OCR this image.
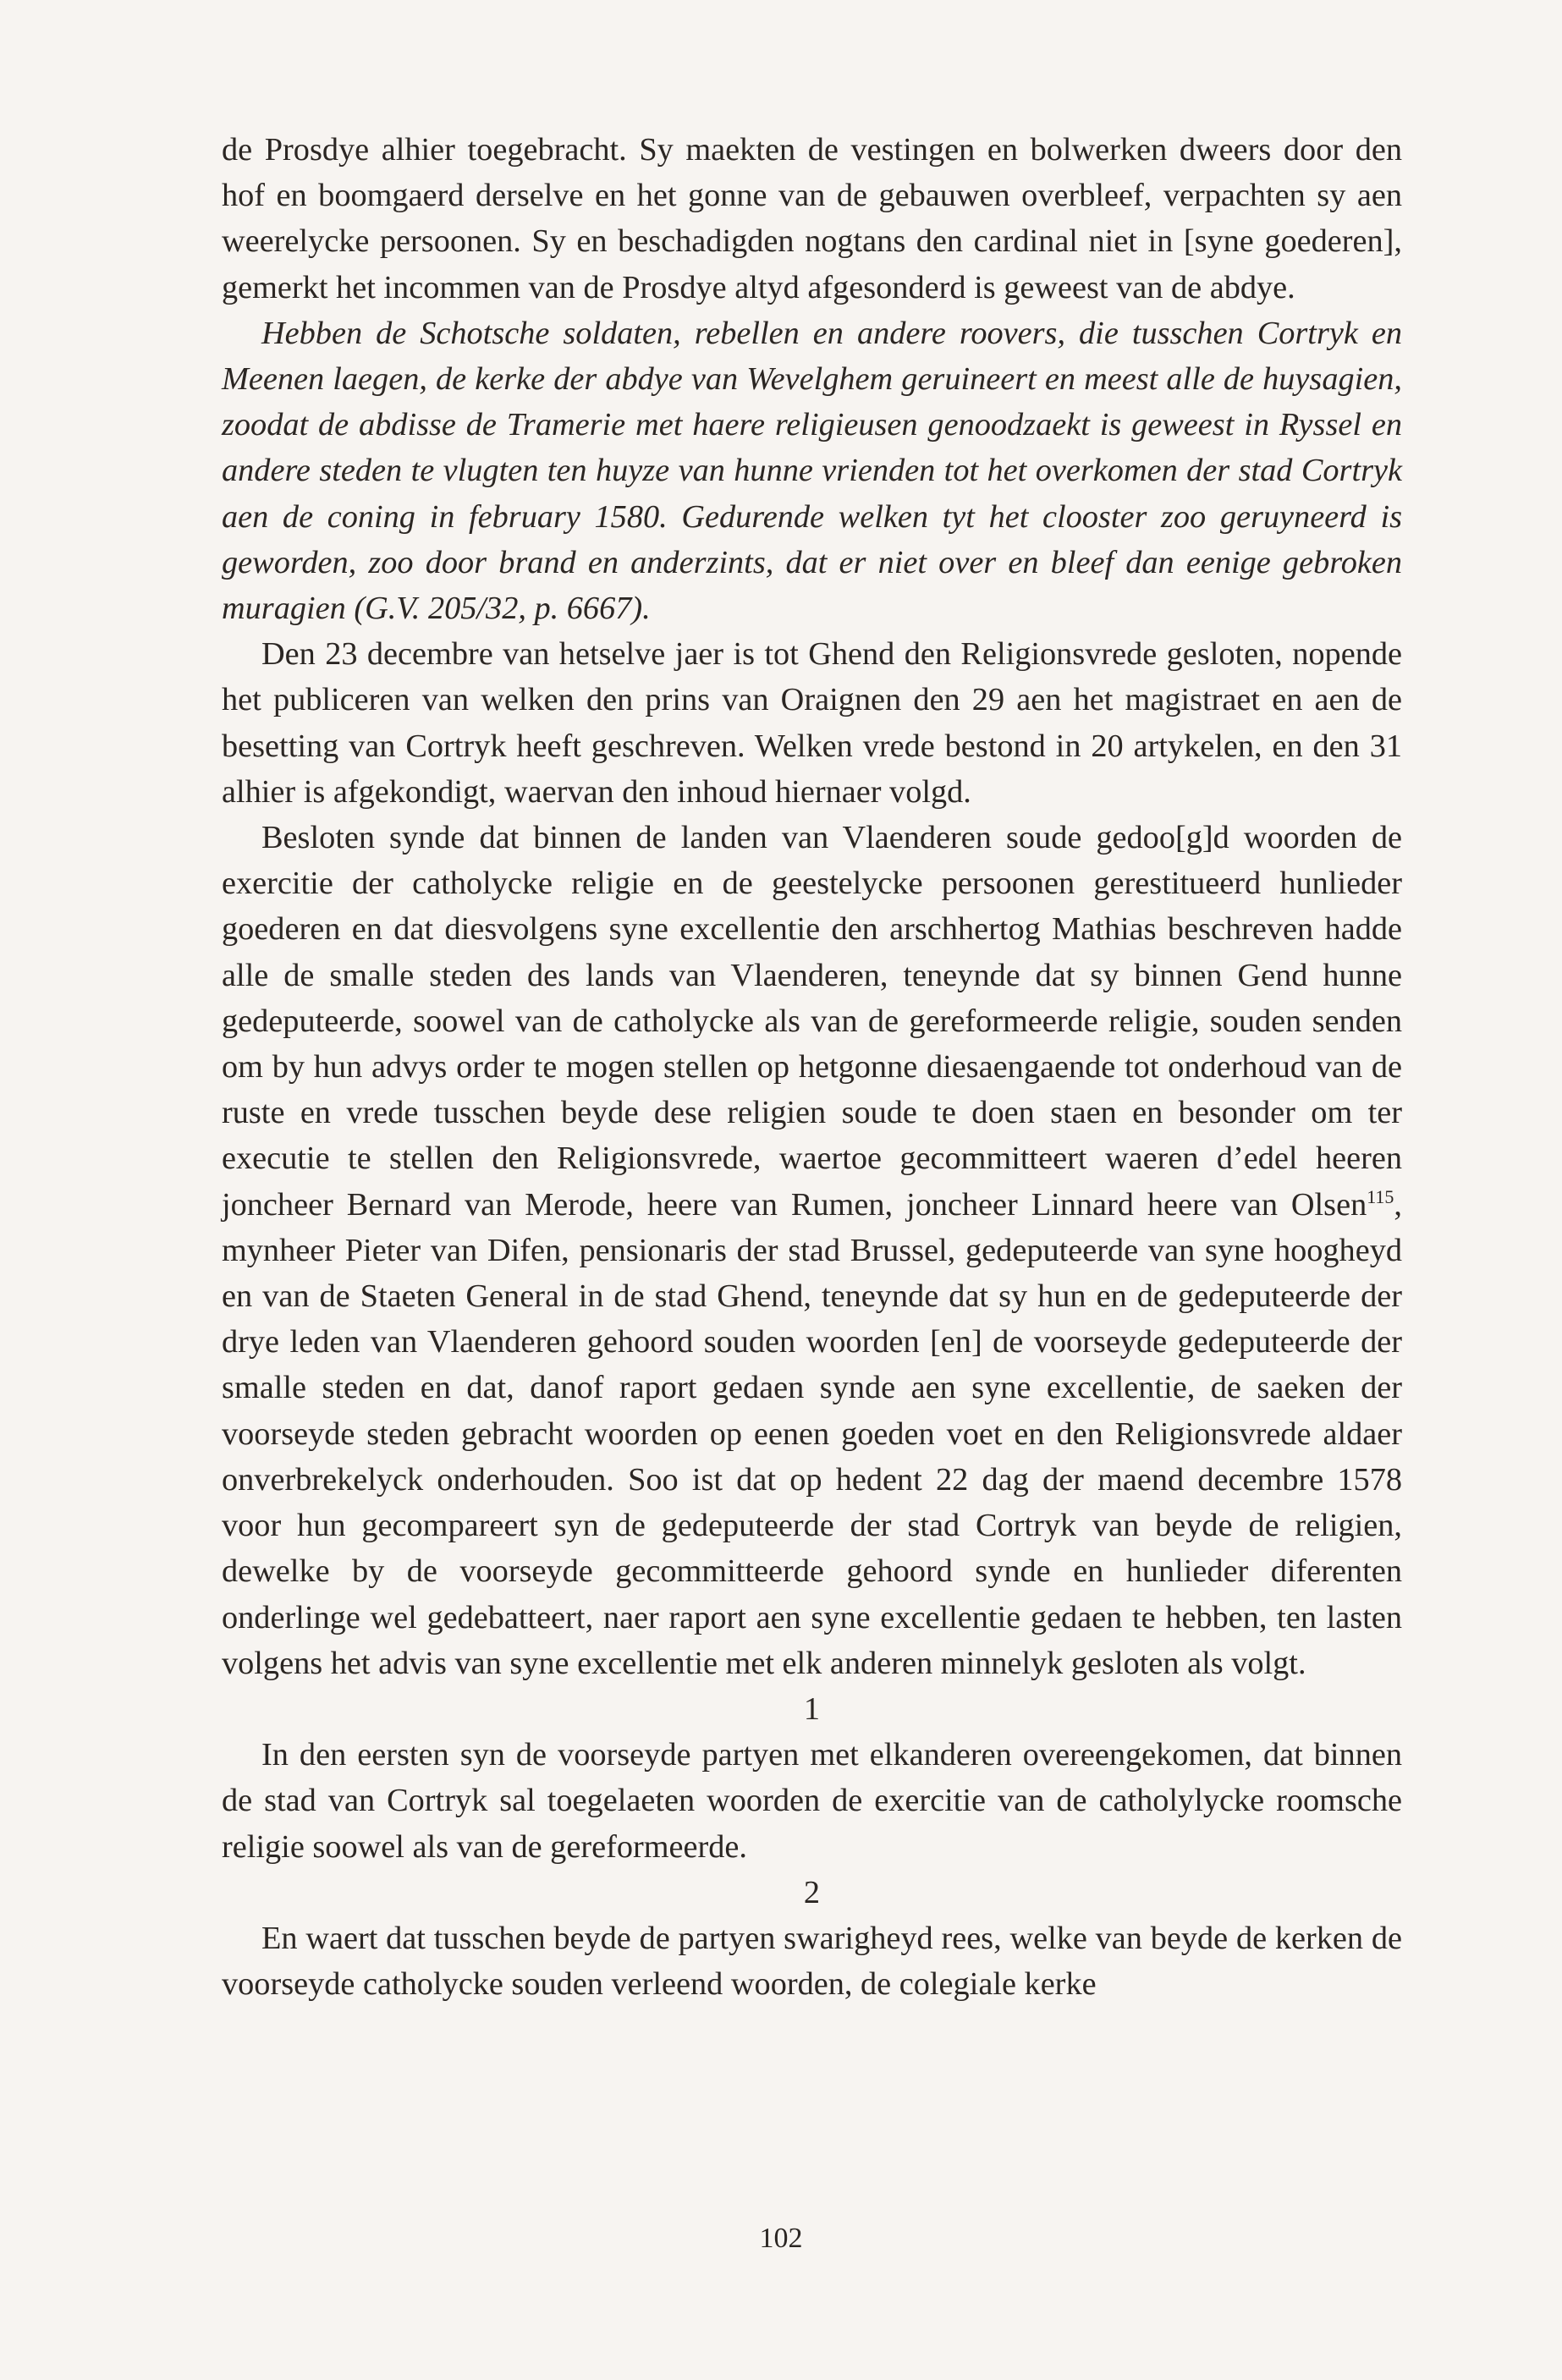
de Prosdye alhier toegebracht. Sy maekten de vestingen en bolwerken dweers door den hof en boomgaerd derselve en het gonne van de gebauwen overbleef, verpachten sy aen weerelycke persoonen. Sy en beschadigden nogtans den cardinal niet in [syne goederen], gemerkt het incommen van de Prosdye altyd afgesonderd is geweest van de abdye.

Hebben de Schotsche soldaten, rebellen en andere roovers, die tusschen Cortryk en Meenen laegen, de kerke der abdye van Wevelghem geruineert en meest alle de huysagien, zoodat de abdisse de Tramerie met haere religieusen genoodzaekt is geweest in Ryssel en andere steden te vlugten ten huyze van hunne vrienden tot het overkomen der stad Cortryk aen de coning in february 1580. Gedurende welken tyt het clooster zoo geruyneerd is geworden, zoo door brand en anderzints, dat er niet over en bleef dan eenige gebroken muragien (G.V. 205/32, p. 6667).

Den 23 decembre van hetselve jaer is tot Ghend den Religionsvrede gesloten, nopende het publiceren van welken den prins van Oraignen den 29 aen het magistraet en aen de besetting van Cortryk heeft geschreven. Welken vrede bestond in 20 artykelen, en den 31 alhier is afgekondigt, waervan den inhoud hiernaer volgd.

Besloten synde dat binnen de landen van Vlaenderen soude gedoo[g]d woorden de exercitie der catholycke religie en de geestelycke persoonen gerestitueerd hunlieder goederen en dat diesvolgens syne excellentie den arschhertog Mathias beschreven hadde alle de smalle steden des lands van Vlaenderen, teneynde dat sy binnen Gend hunne gedeputeerde, soowel van de catholycke als van de gereformeerde religie, souden senden om by hun advys order te mogen stellen op hetgonne diesaengaende tot onderhoud van de ruste en vrede tusschen beyde dese religien soude te doen staen en besonder om ter executie te stellen den Religionsvrede, waertoe gecommitteert waeren d’edel heeren joncheer Bernard van Merode, heere van Rumen, joncheer Linnard heere van Olsen$^{115}$, mynheer Pieter van Difen, pensionaris der stad Brussel, gedeputeerde van syne hoogheyd en van de Staeten General in de stad Ghend, teneynde dat sy hun en de gedeputeerde der drye leden van Vlaenderen gehoord souden woorden [en] de voorseyde gedeputeerde der smalle steden en dat, danof raport gedaen synde aen syne excellentie, de saeken der voorseyde steden gebracht woorden op eenen goeden voet en den Religionsvrede aldaer onverbrekelyck onderhouden. Soo ist dat op hedent 22 dag der maend decembre 1578 voor hun gecompareert syn de gedeputeerde der stad Cortryk van beyde de religien, dewelke by de voorseyde gecommitteerde gehoord synde en hunlieder diferenten onderlinge wel gedebatteert, naer raport aen syne excellentie gedaen te hebben, ten lasten volgens het advis van syne excellentie met elk anderen minnelyk gesloten als volgt.

1

In den eersten syn de voorseyde partyen met elkanderen overeengekomen, dat binnen de stad van Cortryk sal toegelaeten woorden de exercitie van de catholylycke roomsche religie soowel als van de gereformeerde.

2

En waert dat tusschen beyde de partyen swarigheyd rees, welke van beyde de kerken de voorseyde catholycke souden verleend woorden, de colegiale kerke

102
